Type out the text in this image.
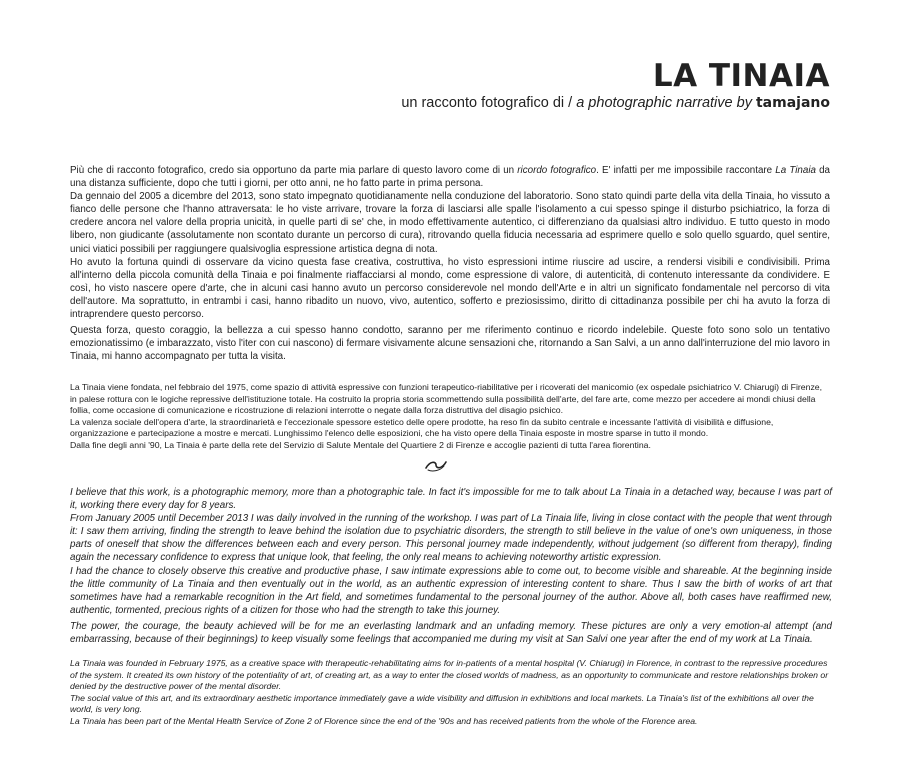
LA TINAIA
un racconto fotografico di / a photographic narrative by tamajano

Più che di racconto fotografico, credo sia opportuno da parte mia parlare di questo lavoro come di un ricordo fotografico. E' infatti per me impossibile raccontare La Tinaia da una distanza sufficiente, dopo che tutti i giorni, per otto anni, ne ho fatto parte in prima persona.

Da gennaio del 2005 a dicembre del 2013, sono stato impegnato quotidianamente nella conduzione del laboratorio. Sono stato quindi parte della vita della Tinaia, ho vissuto a fianco delle persone che l'hanno attraversata: le ho viste arrivare, trovare la forza di lasciarsi alle spalle l'isolamento a cui spesso spinge il disturbo psichiatrico, la forza di credere ancora nel valore della propria unicità, in quelle parti di se' che, in modo effettivamente autentico, ci differenziano da qualsiasi altro individuo. E tutto questo in modo libero, non giudicante (assolutamente non scontato durante un percorso di cura), ritrovando quella fiducia necessaria ad esprimere quello e solo quello sguardo, quel sentire, unici viatici possibili per raggiungere qualsivoglia espressione artistica degna di nota.

Ho avuto la fortuna quindi di osservare da vicino questa fase creativa, costruttiva, ho visto espressioni intime riuscire ad uscire, a rendersi visibili e condivisibili. Prima all'interno della piccola comunità della Tinaia e poi finalmente riaffacciarsi al mondo, come espressione di valore, di autenticità, di contenuto interessante da condividere. E così, ho visto nascere opere d'arte, che in alcuni casi hanno avuto un percorso considerevole nel mondo dell'Arte e in altri un significato fondamentale nel percorso di vita dell'autore. Ma soprattutto, in entrambi i casi, hanno ribadito un nuovo, vivo, autentico, sofferto e preziosissimo, diritto di cittadinanza possibile per chi ha avuto la forza di intraprendere questo percorso.

Questa forza, questo coraggio, la bellezza a cui spesso hanno condotto, saranno per me riferimento continuo e ricordo indelebile. Queste foto sono solo un tentativo emozionatissimo (e imbarazzato, visto l'iter con cui nascono) di fermare visivamente alcune sensazioni che, ritornando a San Salvi, a un anno dall'interruzione del mio lavoro in Tinaia, mi hanno accompagnato per tutta la visita.

La Tinaia viene fondata, nel febbraio del 1975, come spazio di attività espressive con funzioni terapeutico-riabilitative per i ricoverati del manicomio (ex ospedale psichiatrico V. Chiarugi) di Firenze, in palese rottura con le logiche repressive dell'istituzione totale. Ha costruito la propria storia scommettendo sulla possibilità dell'arte, del fare arte, come mezzo per accedere ai mondi chiusi della follia, come occasione di comunicazione e ricostruzione di relazioni interrotte o negate dalla forza distruttiva del disagio psichico.

La valenza sociale dell'opera d'arte, la straordinarietà e l'eccezionale spessore estetico delle opere prodotte, ha reso fin da subito centrale e incessante l'attività di visibilità e diffusione, organizzazione e partecipazione a mostre e mercati. Lunghissimo l'elenco delle esposizioni, che ha visto opere della Tinaia esposte in mostre sparse in tutto il mondo.

Dalla fine degli anni '90, La Tinaia è parte della rete del Servizio di Salute Mentale del Quartiere 2 di Firenze e accoglie pazienti di tutta l'area fiorentina.

I believe that this work, is a photographic memory, more than a photographic tale. In fact it's impossible for me to talk about La Tinaia in a detached way, because I was part of it, working there every day for 8 years.

From January 2005 until December 2013 I was daily involved in the running of the workshop. I was part of La Tinaia life, living in close contact with the people that went through it: I saw them arriving, finding the strength to leave behind the isolation due to psychiatric disorders, the strength to still believe in the value of one's own uniqueness, in those parts of oneself that show the differences between each and every person. This personal journey made independently, without judgement (so different from therapy), finding again the necessary confidence to express that unique look, that feeling, the only real means to achieving noteworthy artistic expression.

I had the chance to closely observe this creative and productive phase, I saw intimate expressions able to come out, to become visible and shareable. At the beginning inside the little community of La Tinaia and then eventually out in the world, as an authentic expression of interesting content to share. Thus I saw the birth of works of art that sometimes have had a remarkable recognition in the Art field, and sometimes fundamental to the personal journey of the author. Above all, both cases have reaffirmed new, authentic, tormented, precious rights of a citizen for those who had the strength to take this journey.

The power, the courage, the beauty achieved will be for me an everlasting landmark and an unfading memory. These pictures are only a very emotion-al attempt (and embarrassing, because of their beginnings) to keep visually some feelings that accompanied me during my visit at San Salvi one year after the end of my work at La Tinaia.

La Tinaia was founded in February 1975, as a creative space with therapeutic-rehabilitating aims for in-patients of a mental hospital (V. Chiarugi) in Florence, in contrast to the repressive procedures of the system. It created its own history of the potentiality of art, of creating art, as a way to enter the closed worlds of madness, as an opportunity to communicate and restore relationships broken or denied by the destructive power of the mental disorder.

The social value of this art, and its extraordinary aesthetic importance immediately gave a wide visibility and diffusion in exhibitions and local markets. La Tinaia's list of the exhibitions all over the world, is very long.

La Tinaia has been part of the Mental Health Service of Zone 2 of Florence since the end of the '90s and has received patients from the whole of the Florence area.
